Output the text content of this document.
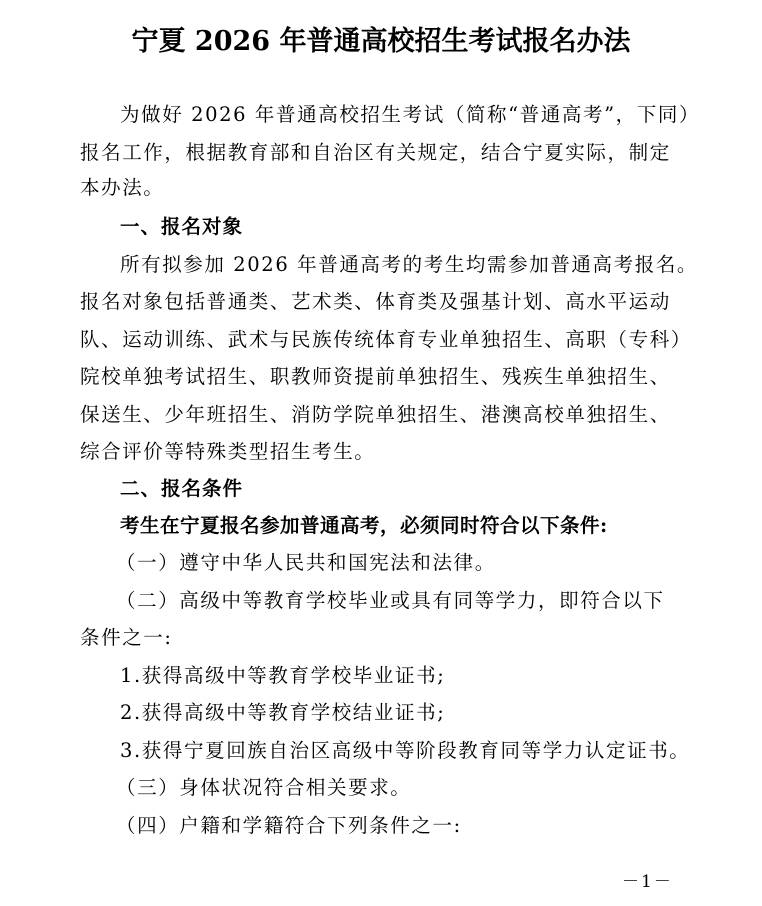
宁夏 2026 年普通高校招生考试报名办法
为做好 2026 年普通高校招生考试（简称“普通高考”，下同）
报名工作，根据教育部和自治区有关规定，结合宁夏实际，制定
本办法。
一、报名对象
所有拟参加 2026 年普通高考的考生均需参加普通高考报名。
报名对象包括普通类、艺术类、体育类及强基计划、高水平运动
队、运动训练、武术与民族传统体育专业单独招生、高职（专科）
院校单独考试招生、职教师资提前单独招生、残疾生单独招生、
保送生、少年班招生、消防学院单独招生、港澳高校单独招生、
综合评价等特殊类型招生考生。
二、报名条件
考生在宁夏报名参加普通高考，必须同时符合以下条件:
（一）遵守中华人民共和国宪法和法律。
（二）高级中等教育学校毕业或具有同等学力，即符合以下
条件之一:
1.获得高级中等教育学校毕业证书;
2.获得高级中等教育学校结业证书;
3.获得宁夏回族自治区高级中等阶段教育同等学力认定证书。
（三）身体状况符合相关要求。
（四）户籍和学籍符合下列条件之一:
－1－
